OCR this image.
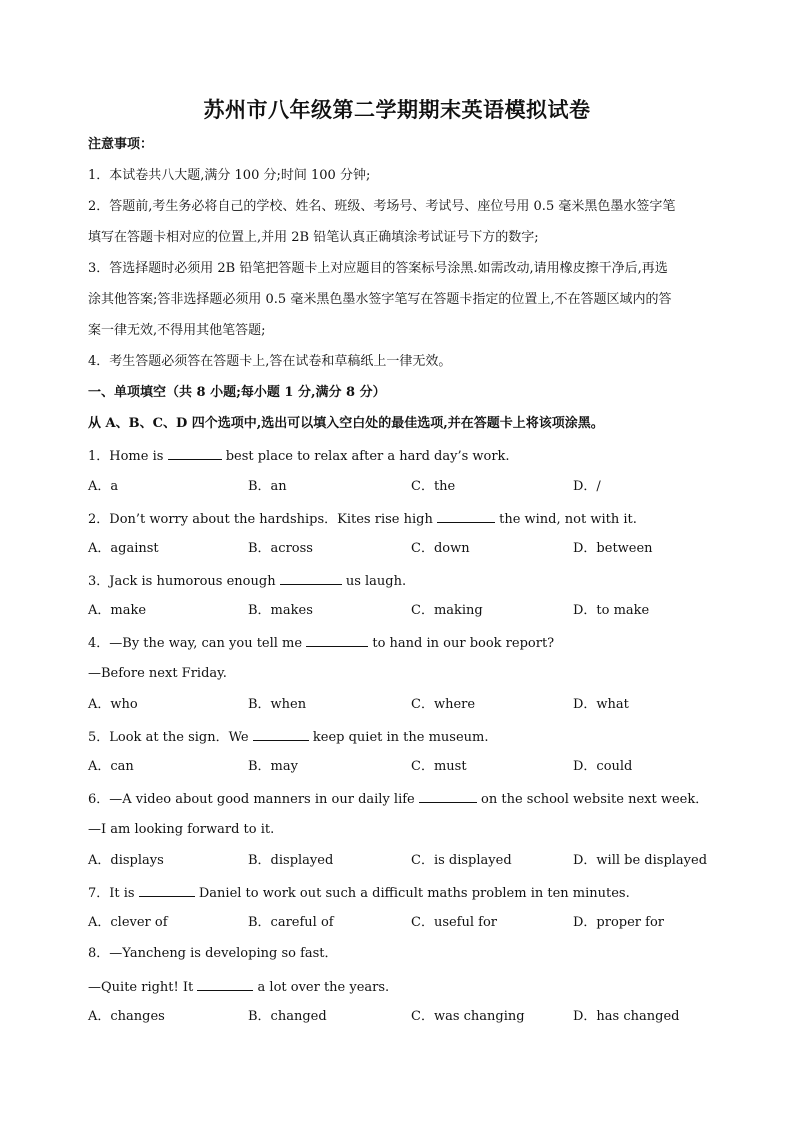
苏州市八年级第二学期期末英语模拟试卷
注意事项：
1．本试卷共八大题,满分 100 分;时间 100 分钟;
2．答题前,考生务必将自己的学校、姓名、班级、考场号、考试号、座位号用 0.5 毫米黑色墨水签字笔
填写在答题卡相对应的位置上,并用 2B 铅笔认真正确填涂考试证号下方的数字;
3．答选择题时必须用 2B 铅笔把答题卡上对应题目的答案标号涂黑.如需改动,请用橡皮擦干净后,再选
涂其他答案;答非选择题必须用 0.5 毫米黑色墨水签字笔写在答题卡指定的位置上,不在答题区域内的答
案一律无效,不得用其他笔答题;
4．考生答题必须答在答题卡上,答在试卷和草稿纸上一律无效。
一、单项填空（共 8 小题;每小题 1 分,满分 8 分）
从 A、B、C、D 四个选项中,选出可以填入空白处的最佳选项,并在答题卡上将该项涂黑。
1．Home is	best place to relax after a hard day’s work.
A．a	B．an	C．the	D．/
2．Don’t worry about the hardships．Kites rise high	the wind, not with it.
A．against	B．across	C．down	D．between
3．Jack is humorous enough	us laugh.
A．make	B．makes	C．making	D．to make
4．—By the way, can you tell me	to hand in our book report?
—Before next Friday.
A．who	B．when	C．where	D．what
5．Look at the sign．We	keep quiet in the museum.
A．can	B．may	C．must	D．could
6．—A video about good manners in our daily life	on the school website next week．
—I am looking forward to it.
A．displays	B．displayed	C．is displayed	D．will be displayed
7．It is	Daniel to work out such a difficult maths problem in ten minutes.
A．clever of	B．careful of	C．useful for	D．proper for
8．—Yancheng is developing so fast．
—Quite right! It	a lot over the years.
A．changes	B．changed	C．was changing	D．has changed
